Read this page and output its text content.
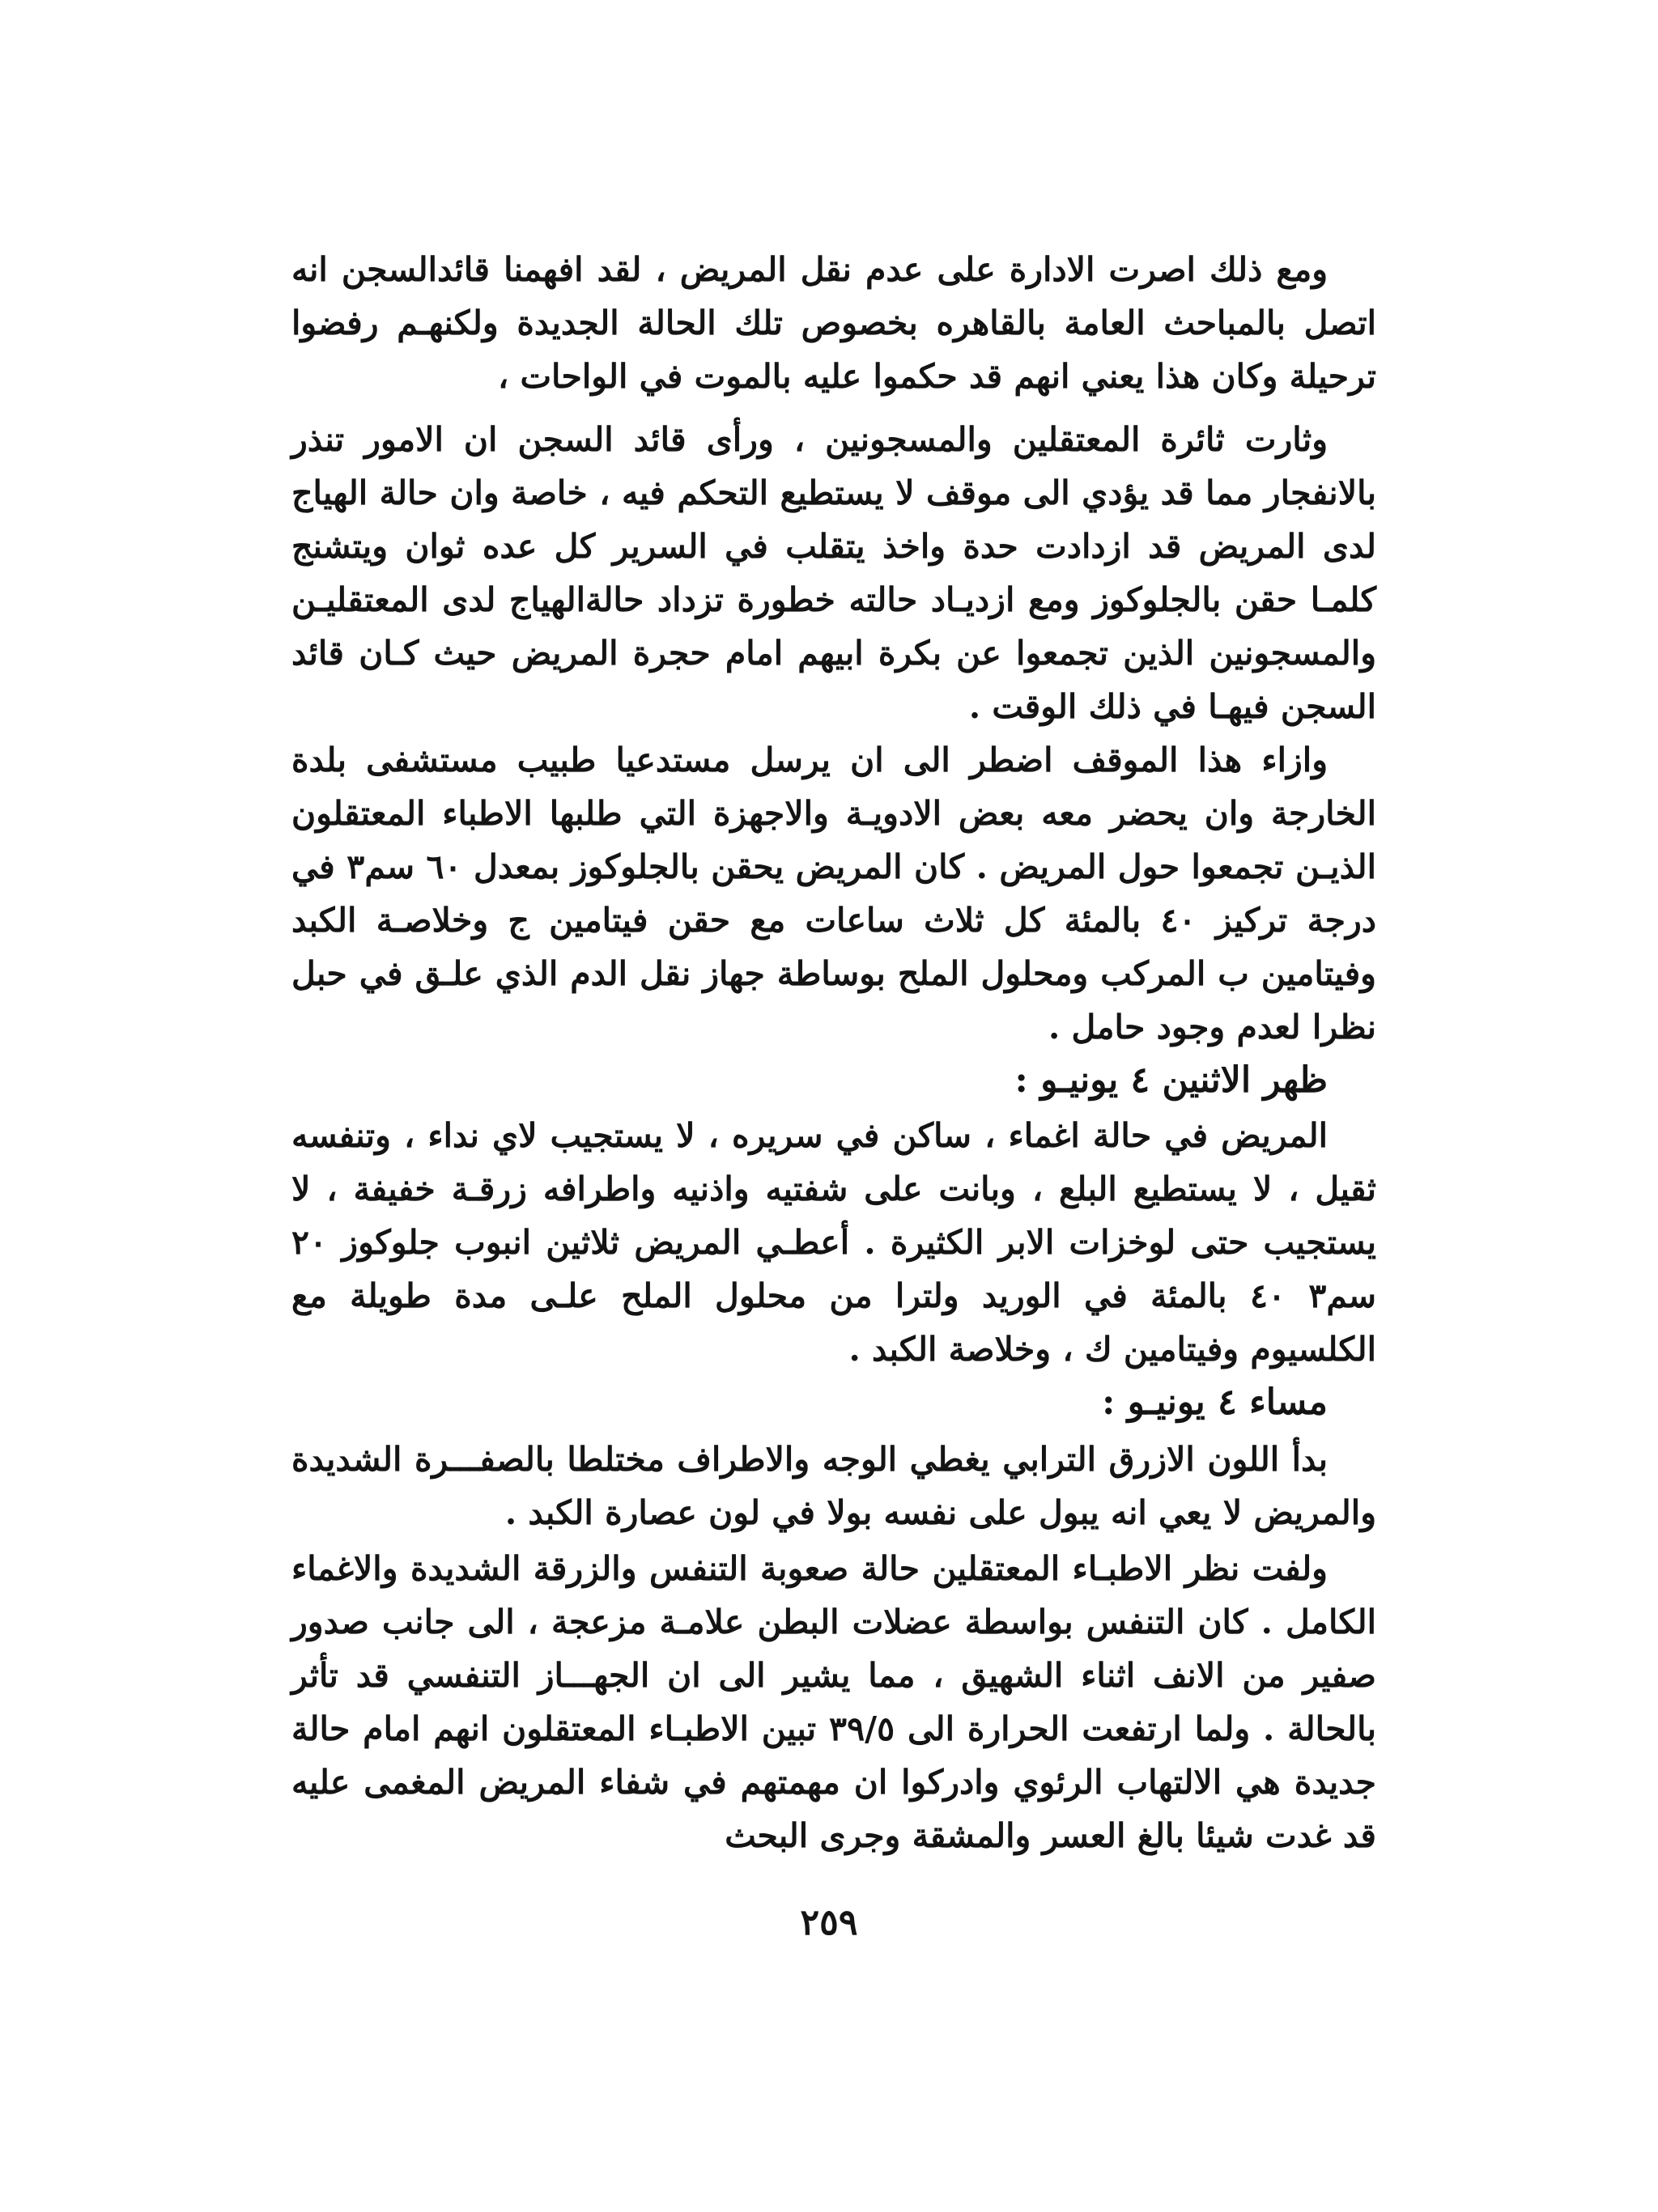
ومع ذلك اصرت الادارة على عدم نقل المريض ، لقد افهمنا قائدالسجن انه اتصل بالمباحث العامة بالقاهره بخصوص تلك الحالة الجديدة ولكنهـم رفضوا ترحيلة وكان هذا يعني انهم قد حكموا عليه بالموت في الواحات ،

وثارت ثائرة المعتقلين والمسجونين ، ورأى قائد السجن ان الامور تنذر بالانفجار مما قد يؤدي الى موقف لا يستطيع التحكم فيه ، خاصة وان حالة الهياج لدى المريض قد ازدادت حدة واخذ يتقلب في السرير كل عده ثوان ويتشنج كلمـا حقن بالجلوكوز ومع ازديـاد حالته خطورة تزداد حالةالهياج لدى المعتقليـن والمسجونين الذين تجمعوا عن بكرة ابيهم امام حجرة المريض حيث كـان قائد السجن فيهـا في ذلك الوقت .

وازاء هذا الموقف اضطر الى ان يرسل مستدعيا طبيب مستشفى بلدة الخارجة وان يحضر معه بعض الادويـة والاجهزة التي طلبها الاطباء المعتقلون الذيـن تجمعوا حول المريض . كان المريض يحقن بالجلوكوز بمعدل ٦٠ سم٣ في درجة تركيز ٤٠ بالمئة كل ثلاث ساعات مع حقن فيتامين ج وخلاصـة الكبد وفيتامين ب المركب ومحلول الملح بوساطة جهاز نقل الدم الذي علـق في حبل نظرا لعدم وجود حامل .

ظهر الاثنين ٤ يونيـو :

المريض في حالة اغماء ، ساكن في سريره ، لا يستجيب لاي نداء ، وتنفسه ثقيل ، لا يستطيع البلع ، وبانت على شفتيه واذنيه واطرافه زرقـة خفيفة ، لا يستجيب حتى لوخزات الابر الكثيرة . أعطـي المريض ثلاثين انبوب جلوكوز ٢٠ سم٣ ٤٠ بالمئة في الوريد ولترا من محلول الملح علـى مدة طويلة مع الكلسيوم وفيتامين ك ، وخلاصة الكبد .

مساء ٤ يونيـو :

بدأ اللون الازرق الترابي يغطي الوجه والاطراف مختلطا بالصفـــرة الشديدة والمريض لا يعي انه يبول على نفسه بولا في لون عصارة الكبد .

ولفت نظر الاطبـاء المعتقلين حالة صعوبة التنفس والزرقة الشديدة والاغماء الكامل . كان التنفس بواسطة عضلات البطن علامـة مزعجة ، الى جانب صدور صفير من الانف اثناء الشهيق ، مما يشير الى ان الجهـــاز التنفسي قد تأثر بالحالة . ولما ارتفعت الحرارة الى ٣٩/٥ تبين الاطبـاء المعتقلون انهم امام حالة جديدة هي الالتهاب الرئوي وادركوا ان مهمتهم في شفاء المريض المغمى عليه قد غدت شيئا بالغ العسر والمشقة وجرى البحث

٢٥٩
